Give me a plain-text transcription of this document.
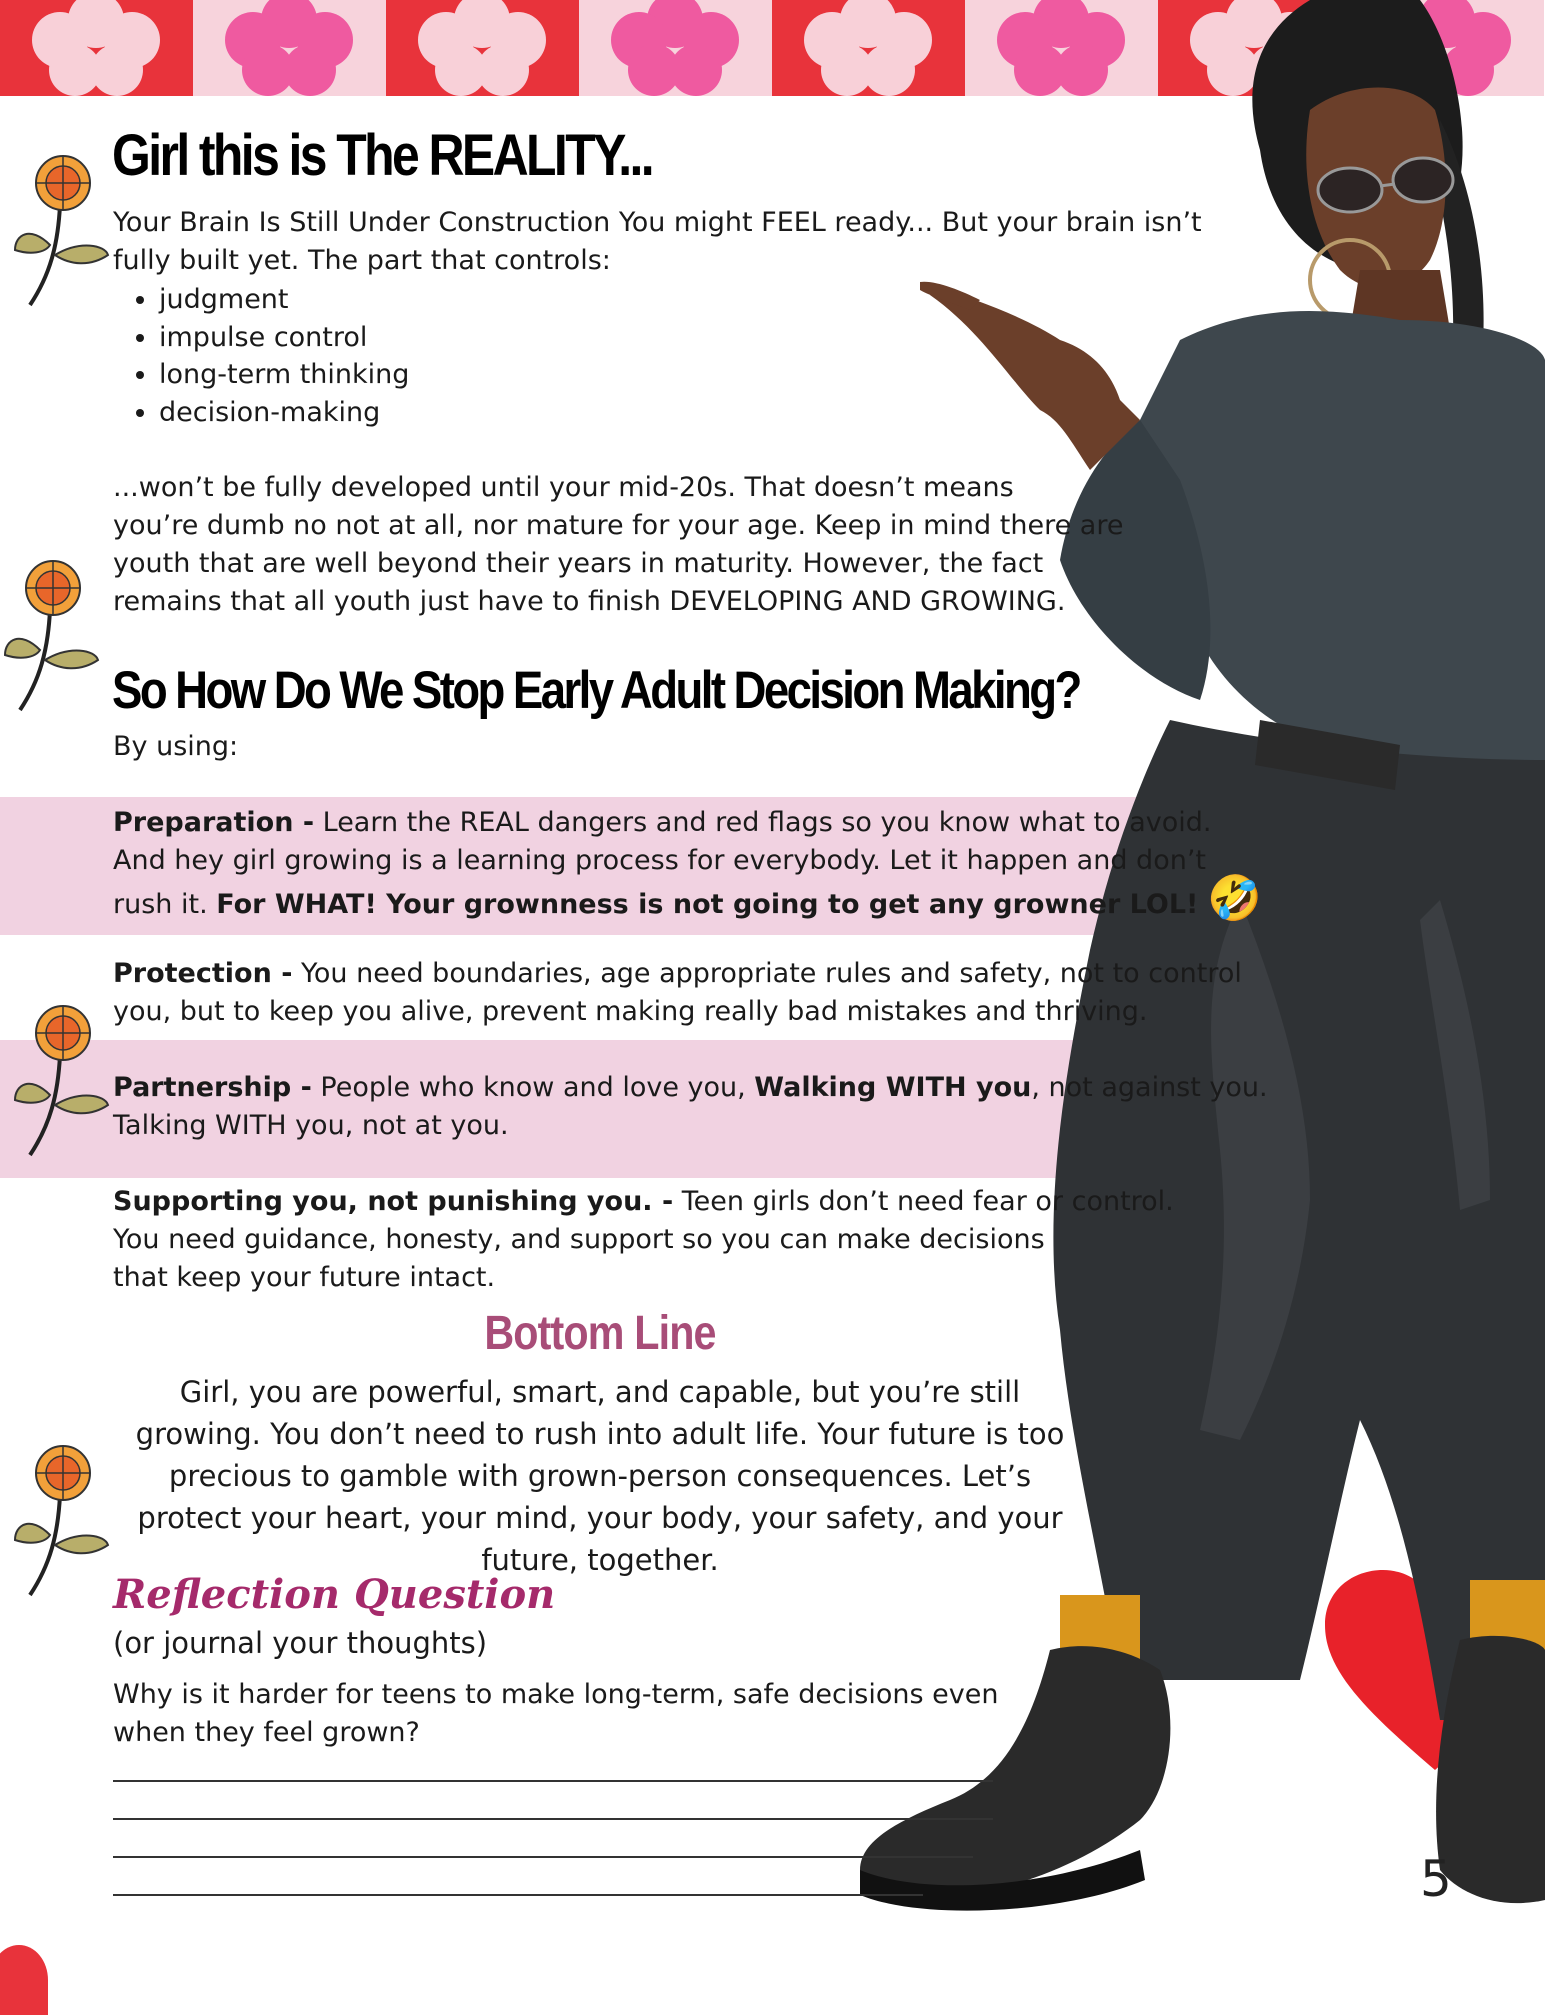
Girl this is The REALITY...

Your Brain Is Still Under Construction You might FEEL ready... But your brain isn’t
fully built yet. The part that controls:

• judgment
• impulse control
• long-term thinking
• decision-making

...won’t be fully developed until your mid-20s. That doesn’t means
you’re dumb no not at all, nor mature for your age. Keep in mind there are
youth that are well beyond their years in maturity. However, the fact
remains that all youth just have to finish DEVELOPING AND GROWING.

So How Do We Stop Early Adult Decision Making?

By using:

Preparation - Learn the REAL dangers and red flags so you know what to avoid.
And hey girl growing is a learning process for everybody. Let it happen and don’t
rush it. For WHAT! Your grownness is not going to get any growner LOL! 🤣

Protection - You need boundaries, age appropriate rules and safety, not to control
you, but to keep you alive, prevent making really bad mistakes and thriving.

Partnership - People who know and love you, Walking WITH you, not against you.
Talking WITH you, not at you.

Supporting you, not punishing you. - Teen girls don’t need fear or control.
You need guidance, honesty, and support so you can make decisions
that keep your future intact.

Bottom Line

Girl, you are powerful, smart, and capable, but you’re still
growing. You don’t need to rush into adult life. Your future is too
precious to gamble with grown-person consequences. Let’s
protect your heart, your mind, your body, your safety, and your
future, together.

Reflection Question

(or journal your thoughts)

Why is it harder for teens to make long-term, safe decisions even
when they feel grown?

5
